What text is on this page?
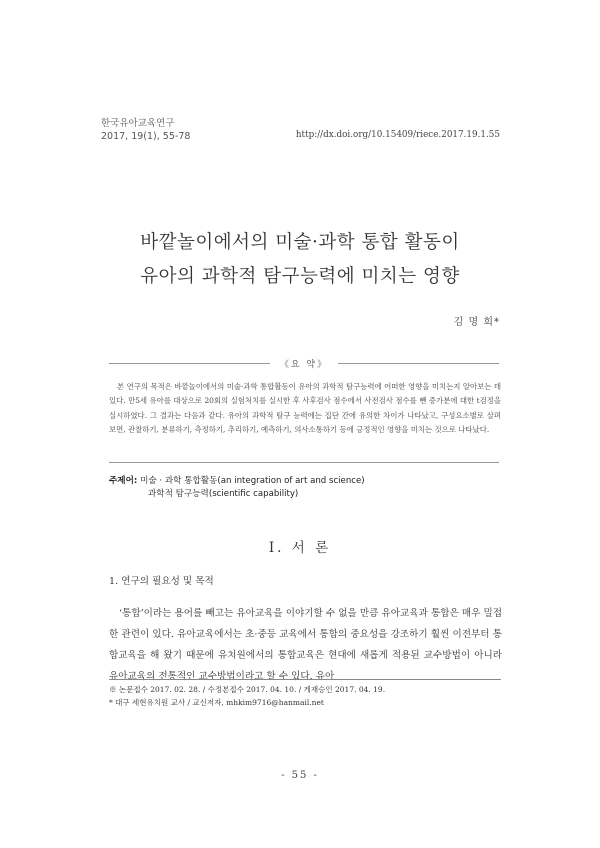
한국유아교육연구
2017, 19(1), 55-78	http://dx.doi.org/10.15409/riece.2017.19.1.55
바깥놀이에서의 미술·과학 통합 활동이
유아의 과학적 탐구능력에 미치는 영향
김 명 희*
《요 약》

본 연구의 목적은 바깥놀이에서의 미술·과학 통합활동이 유아의 과학적 탐구능력에 어떠한 영향을 미치는지 알아보는 데 있다. 만5세 유아를 대상으로 20회의 실험처치를 실시한 후 사후검사 점수에서 사전검사 점수를 뺀 증가분에 대한 t검정을 실시하였다. 그 결과는 다음과 같다. 유아의 과학적 탐구 능력에는 집단 간에 유의한 차이가 나타났고, 구성요소별로 살펴보면, 관찰하기, 분류하기, 측정하기, 추리하기, 예측하기, 의사소통하기 등에 긍정적인 영향을 미치는 것으로 나타났다.

주제어: 미술 · 과학 통합활동(an integration of art and science)
과학적 탐구능력(scientific capability)
Ⅰ. 서 론
1. 연구의 필요성 및 목적

‘통합’이라는 용어를 빼고는 유아교육을 이야기할 수 없을 만큼 유아교육과 통합은 매우 밀접한 관련이 있다. 유아교육에서는 초·중등 교육에서 통합의 중요성을 강조하기 훨씬 이전부터 통합교육을 해 왔기 때문에 유치원에서의 통합교육은 현대에 새롭게 적용된 교수방법이 아니라 유아교육의 전통적인 교수방법이라고 할 수 있다. 유아

※ 논문접수 2017. 02. 28. / 수정본접수 2017. 04. 10. / 게재승인 2017. 04. 19.
* 대구 세현유치원 교사 / 교신저자, mhkim9716@hanmail.net
- 55 -
